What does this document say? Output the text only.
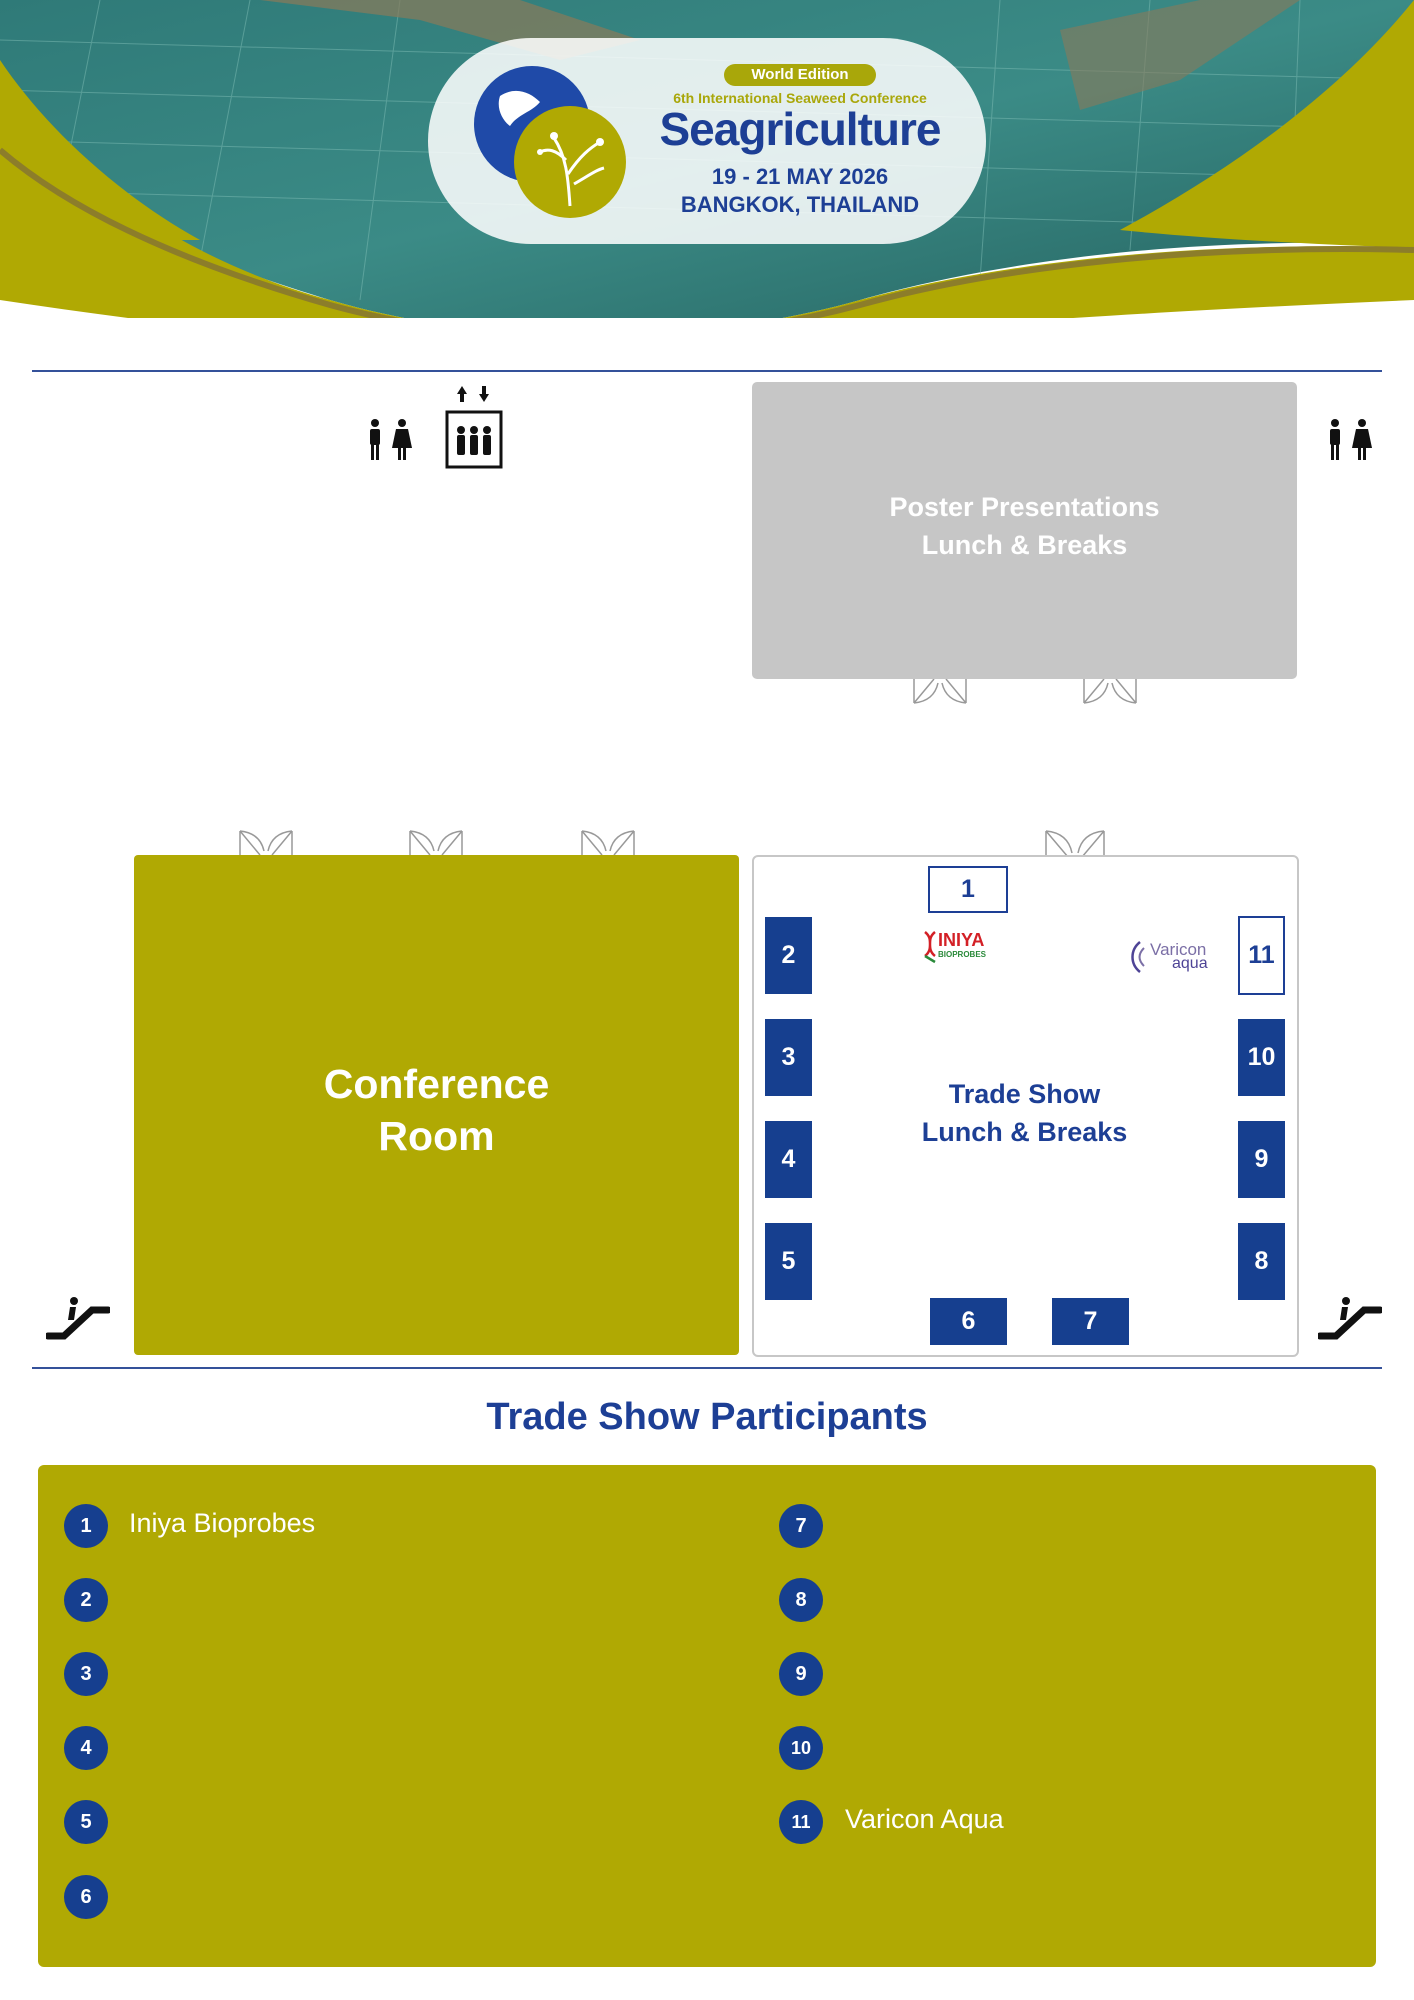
World Edition
6th International Seaweed Conference
Seagriculture
19 - 21 MAY 2026
BANGKOK, THAILAND
Poster Presentations
Lunch & Breaks
Conference
Room
Trade Show
Lunch & Breaks
1
2
3
4
5
6	7
8
9
10
11
INIYA
BIOPROBES	Varicon
aqua
Trade Show Participants
1	Iniya Bioprobes
2
3
4
5
6
7
8
9
10
11	Varicon Aqua
